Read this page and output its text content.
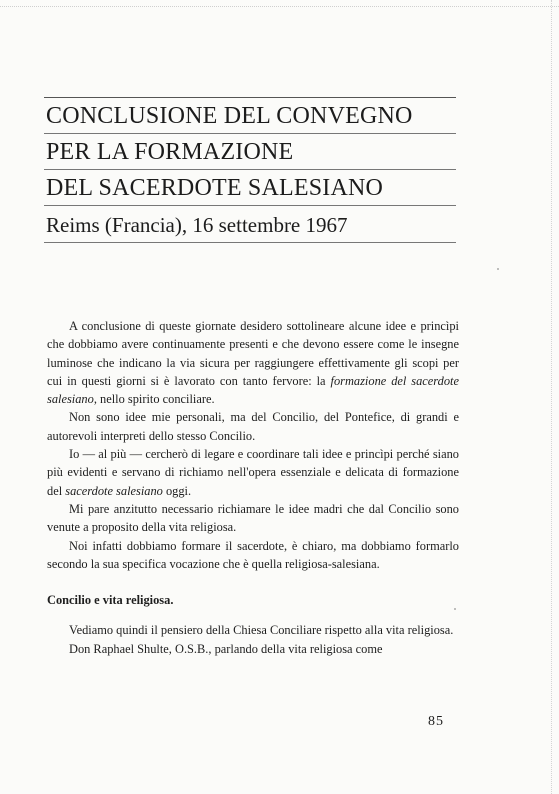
CONCLUSIONE DEL CONVEGNO
PER LA FORMAZIONE
DEL SACERDOTE SALESIANO
Reims (Francia), 16 settembre 1967

A conclusione di queste giornate desidero sottolineare alcune idee e princìpi che dobbiamo avere continuamente presenti e che devono essere come le insegne luminose che indicano la via sicura per raggiungere effettivamente gli scopi per cui in questi giorni si è lavorato con tanto fervore: la formazione del sacerdote salesiano, nello spirito conciliare.

Non sono idee mie personali, ma del Concilio, del Pontefice, di grandi e autorevoli interpreti dello stesso Concilio.

Io — al più — cercherò di legare e coordinare tali idee e princìpi perché siano più evidenti e servano di richiamo nell'opera essenziale e delicata di formazione del sacerdote salesiano oggi.

Mi pare anzitutto necessario richiamare le idee madri che dal Concilio sono venute a proposito della vita religiosa.

Noi infatti dobbiamo formare il sacerdote, è chiaro, ma dobbiamo formarlo secondo la sua specifica vocazione che è quella religiosa-salesiana.

Concilio e vita religiosa.

Vediamo quindi il pensiero della Chiesa Conciliare rispetto alla vita religiosa.

Don Raphael Shulte, O.S.B., parlando della vita religiosa come

85
